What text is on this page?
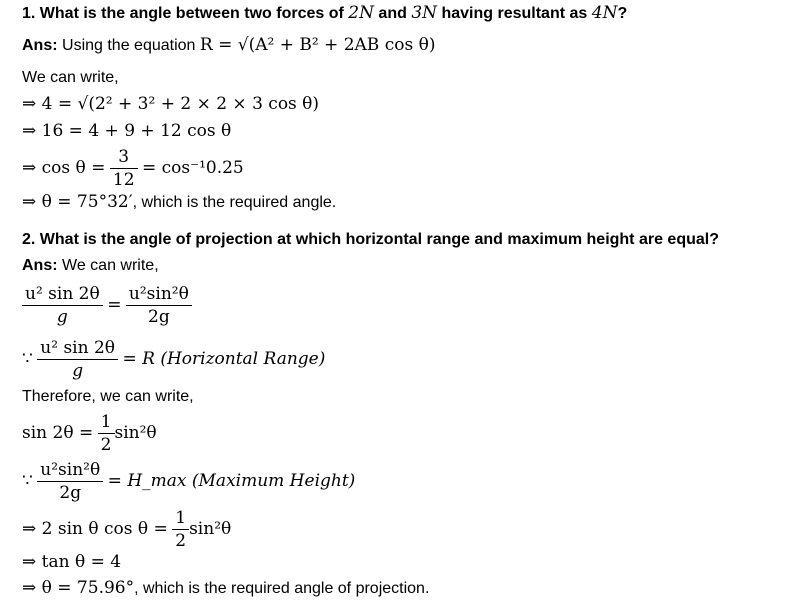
1. What is the angle between two forces of 2N and 3N having resultant as 4N?
Ans: Using the equation R = √(A² + B² + 2AB cos θ)
We can write,
⇒ 4 = √(2² + 3² + 2 × 2 × 3 cos θ)
⇒ 16 = 4 + 9 + 12 cos θ
⇒ $\cos \theta = \frac{3}{12} = \cos^{-1}0.25$
⇒ θ = 75°32′, which is the required angle.
2. What is the angle of projection at which horizontal range and maximum height are equal?
Ans: We can write,
$\frac{\text{u² sin 2θ}}{g} = \frac{\text{u²sin²θ}}{2g}$
∵ $\frac{\text{u² sin 2θ}}{g} = R$ (Horizontal Range)
Therefore, we can write,
$\sin 2\theta = \frac{1}{2} \sin^2\theta$
∵ $\frac{\text{u²sin²θ}}{2g}$ = H_max (Maximum Height)
⇒ 2 sin θ $\cos \theta = \frac{1}{2} \sin^2\theta$
⇒ tan θ = 4
⇒ θ = 75.96°, which is the required angle of projection.
